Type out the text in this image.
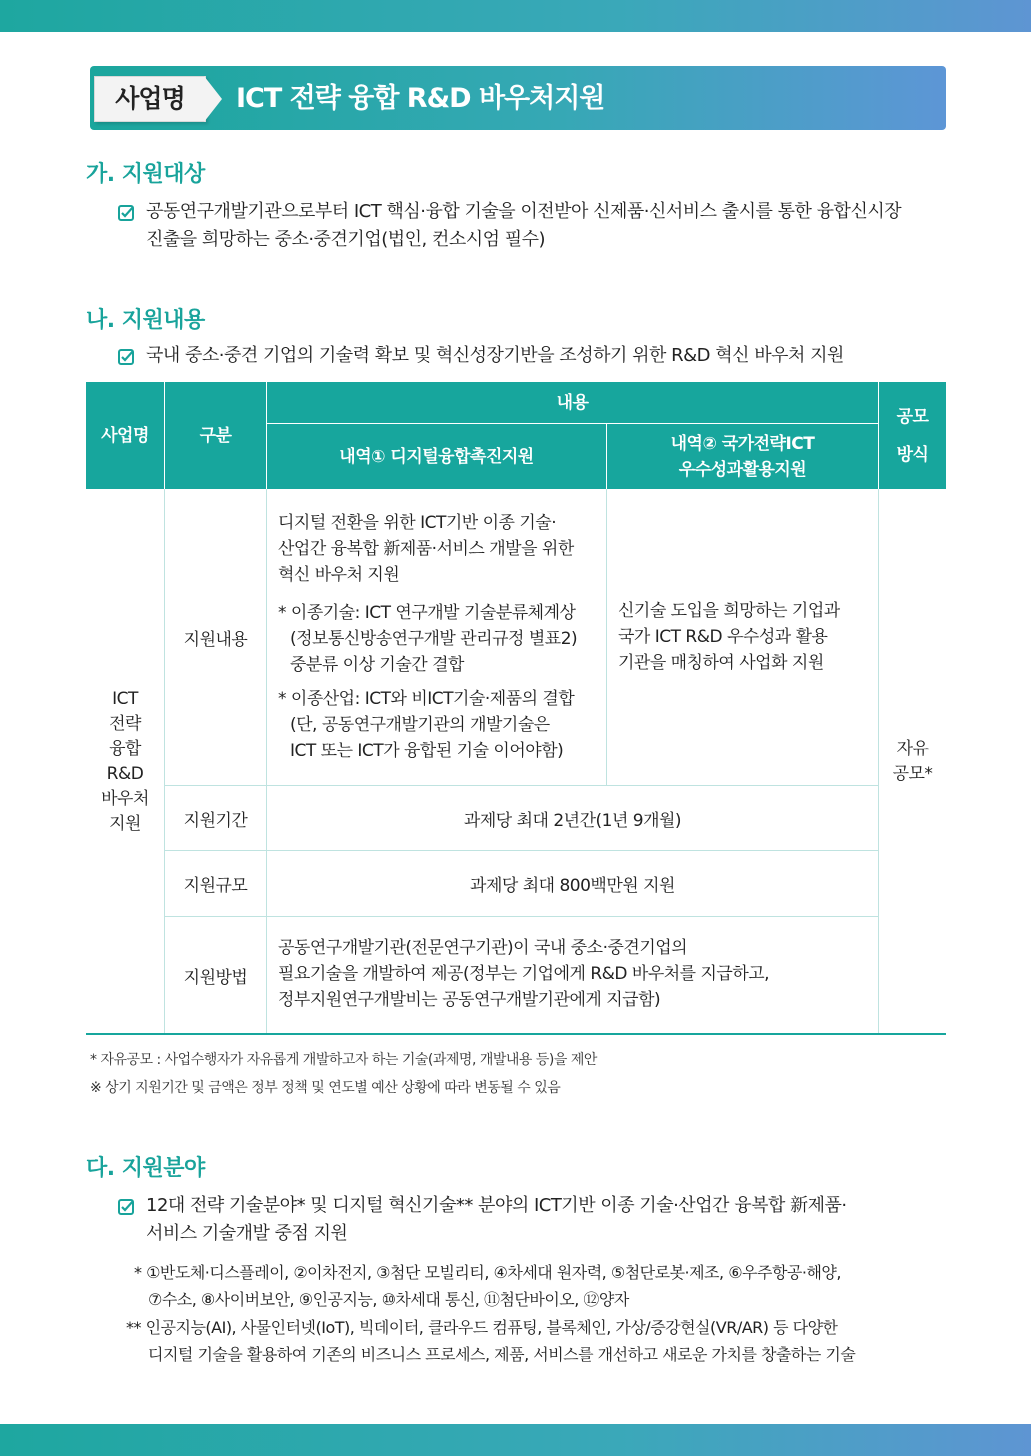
사업명	ICT 전략 융합 R&D 바우처지원
가. 지원대상
공동연구개발기관으로부터 ICT 핵심·융합 기술을 이전받아 신제품·신서비스 출시를 통한 융합신시장
진출을 희망하는 중소·중견기업(법인, 컨소시엄 필수)
나. 지원내용
국내 중소·중견 기업의 기술력 확보 및 혁신성장기반을 조성하기 위한 R&D 혁신 바우처 지원
사업명	구분
내용
내역① 디지털융합촉진지원
내역② 국가전략ICT
우수성과활용지원
공모
방식
ICT
전략
융합
R&D
바우처
지원
자유
공모*
지원내용
지원기간
지원규모
지원방법
디지털 전환을 위한 ICT기반 이종 기술·
산업간 융복합 新제품·서비스 개발을 위한
혁신 바우처 지원
* 이종기술: ICT 연구개발 기술분류체계상
(정보통신방송연구개발 관리규정 별표2)
중분류 이상 기술간 결합
* 이종산업: ICT와 비ICT기술·제품의 결합
(단, 공동연구개발기관의 개발기술은
ICT 또는 ICT가 융합된 기술 이어야함)
신기술 도입을 희망하는 기업과
국가 ICT R&D 우수성과 활용
기관을 매칭하여 사업화 지원
과제당 최대 2년간(1년 9개월)
과제당 최대 800백만원 지원
공동연구개발기관(전문연구기관)이 국내 중소·중견기업의
필요기술을 개발하여 제공(정부는 기업에게 R&D 바우처를 지급하고,
정부지원연구개발비는 공동연구개발기관에게 지급함)
* 자유공모 : 사업수행자가 자유롭게 개발하고자 하는 기술(과제명, 개발내용 등)을 제안
※ 상기 지원기간 및 금액은 정부 정책 및 연도별 예산 상황에 따라 변동될 수 있음
다. 지원분야
12대 전략 기술분야* 및 디지털 혁신기술** 분야의 ICT기반 이종 기술·산업간 융복합 新제품·
서비스 기술개발 중점 지원
* ①반도체·디스플레이, ②이차전지, ③첨단 모빌리티, ④차세대 원자력, ⑤첨단로봇·제조, ⑥우주항공·해양,
⑦수소, ⑧사이버보안, ⑨인공지능, ⑩차세대 통신, ⑪첨단바이오, ⑫양자
** 인공지능(AI), 사물인터넷(IoT), 빅데이터, 클라우드 컴퓨팅, 블록체인, 가상/증강현실(VR/AR) 등 다양한
디지털 기술을 활용하여 기존의 비즈니스 프로세스, 제품, 서비스를 개선하고 새로운 가치를 창출하는 기술
